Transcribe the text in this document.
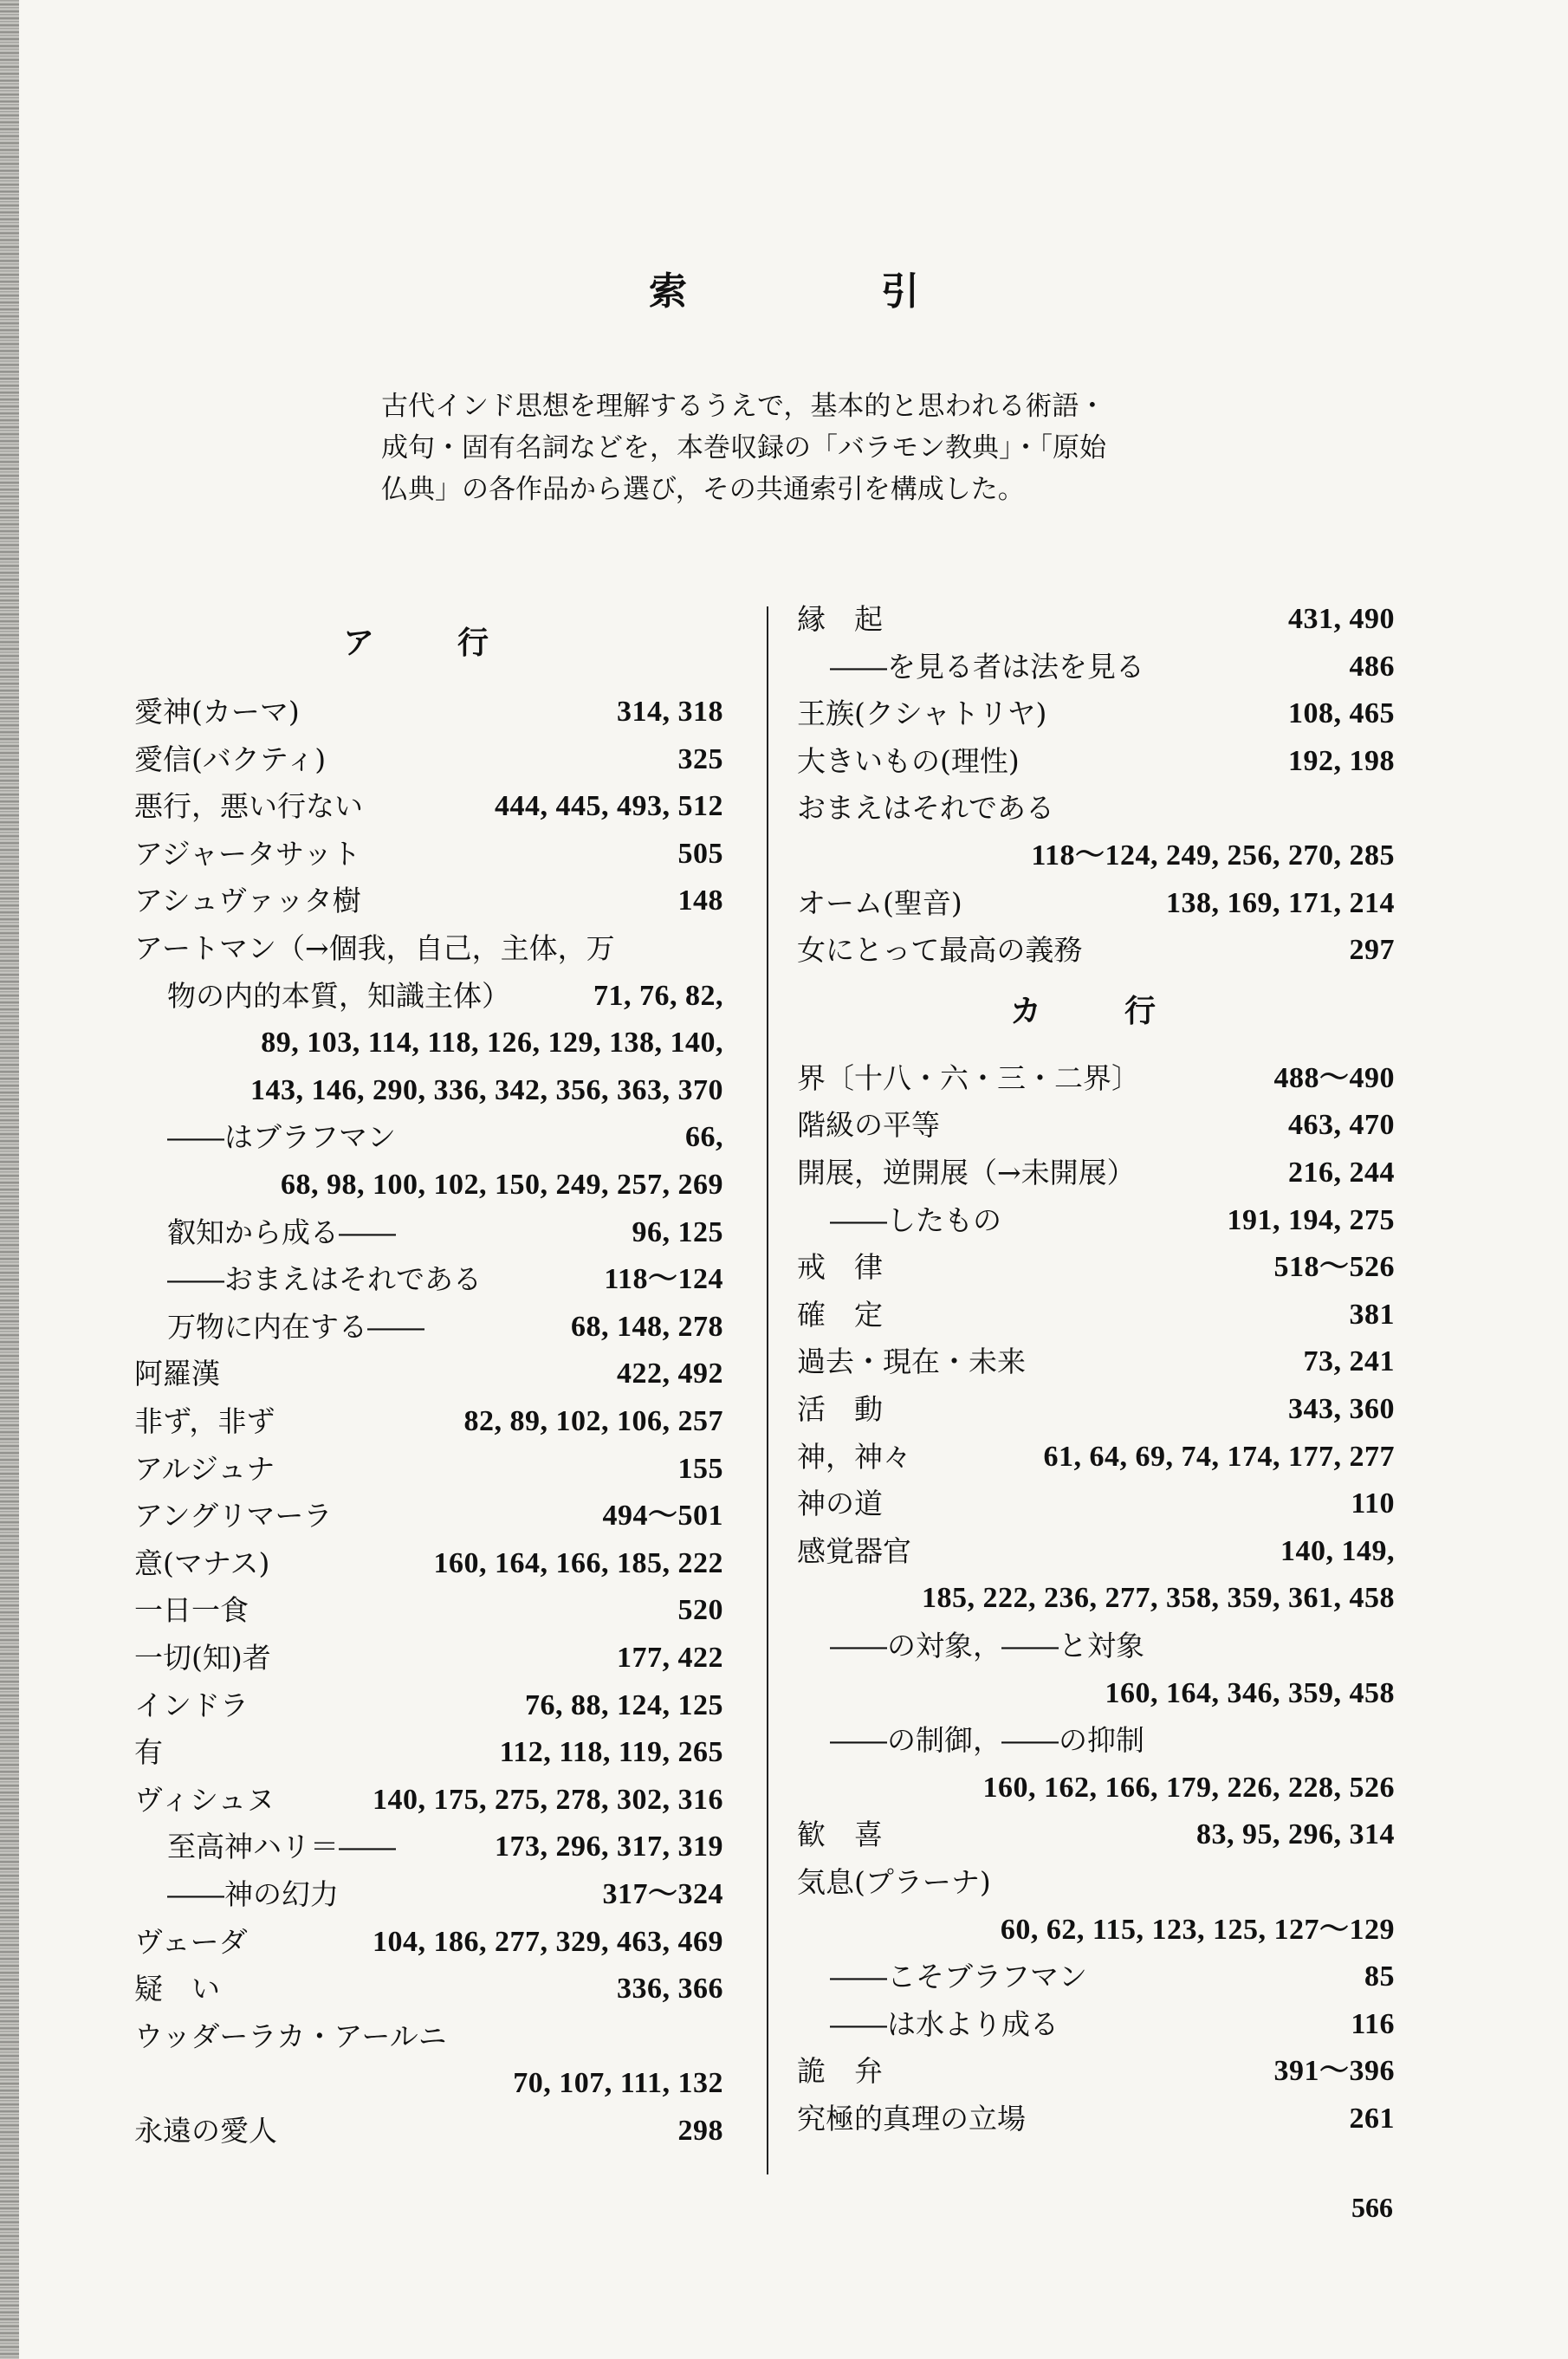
索　引

古代インド思想を理解するうえで，基本的と思われる術語・

成句・固有名詞などを，本巻収録の「バラモン教典」・「原始

仏典」の各作品から選び，その共通索引を構成した。

ア　行
愛神(カーマ)	314, 318
愛信(バクティ)	325
悪行，悪い行ない	444, 445, 493, 512
アジャータサット	505
アシュヴァッタ樹	148
アートマン（→個我，自己，主体，万
物の内的本質，知識主体）	71, 76, 82,
89, 103, 114, 118, 126, 129, 138, 140,
143, 146, 290, 336, 342, 356, 363, 370
――はブラフマン	66,
68, 98, 100, 102, 150, 249, 257, 269
叡知から成る――	96, 125
――おまえはそれである	118～124
万物に内在する――	68, 148, 278
阿羅漢	422, 492
非ず，非ず	82, 89, 102, 106, 257
アルジュナ	155
アングリマーラ	494～501
意(マナス)	160, 164, 166, 185, 222
一日一食	520
一切(知)者	177, 422
インドラ	76, 88, 124, 125
有	112, 118, 119, 265
ヴィシュヌ	140, 175, 275, 278, 302, 316
至高神ハリ＝――	173, 296, 317, 319
――神の幻力	317～324
ヴェーダ	104, 186, 277, 329, 463, 469
疑　い	336, 366
ウッダーラカ・アールニ
70, 107, 111, 132
永遠の愛人	298
カ　行
縁　起	431, 490
――を見る者は法を見る	486
王族(クシャトリヤ)	108, 465
大きいもの(理性)	192, 198
おまえはそれである
118～124, 249, 256, 270, 285
オーム(聖音)	138, 169, 171, 214
女にとって最高の義務	297
界〔十八・六・三・二界〕	488～490
階級の平等	463, 470
開展，逆開展（→未開展）	216, 244
――したもの	191, 194, 275
戒　律	518～526
確　定	381
過去・現在・未来	73, 241
活　動	343, 360
神，神々	61, 64, 69, 74, 174, 177, 277
神の道	110
感覚器官	140, 149,
185, 222, 236, 277, 358, 359, 361, 458
――の対象，――と対象
160, 164, 346, 359, 458
――の制御，――の抑制
160, 162, 166, 179, 226, 228, 526
歓　喜	83, 95, 296, 314
気息(プラーナ)
60, 62, 115, 123, 125, 127～129
――こそブラフマン	85
――は水より成る	116
詭　弁	391～396
究極的真理の立場	261
566
